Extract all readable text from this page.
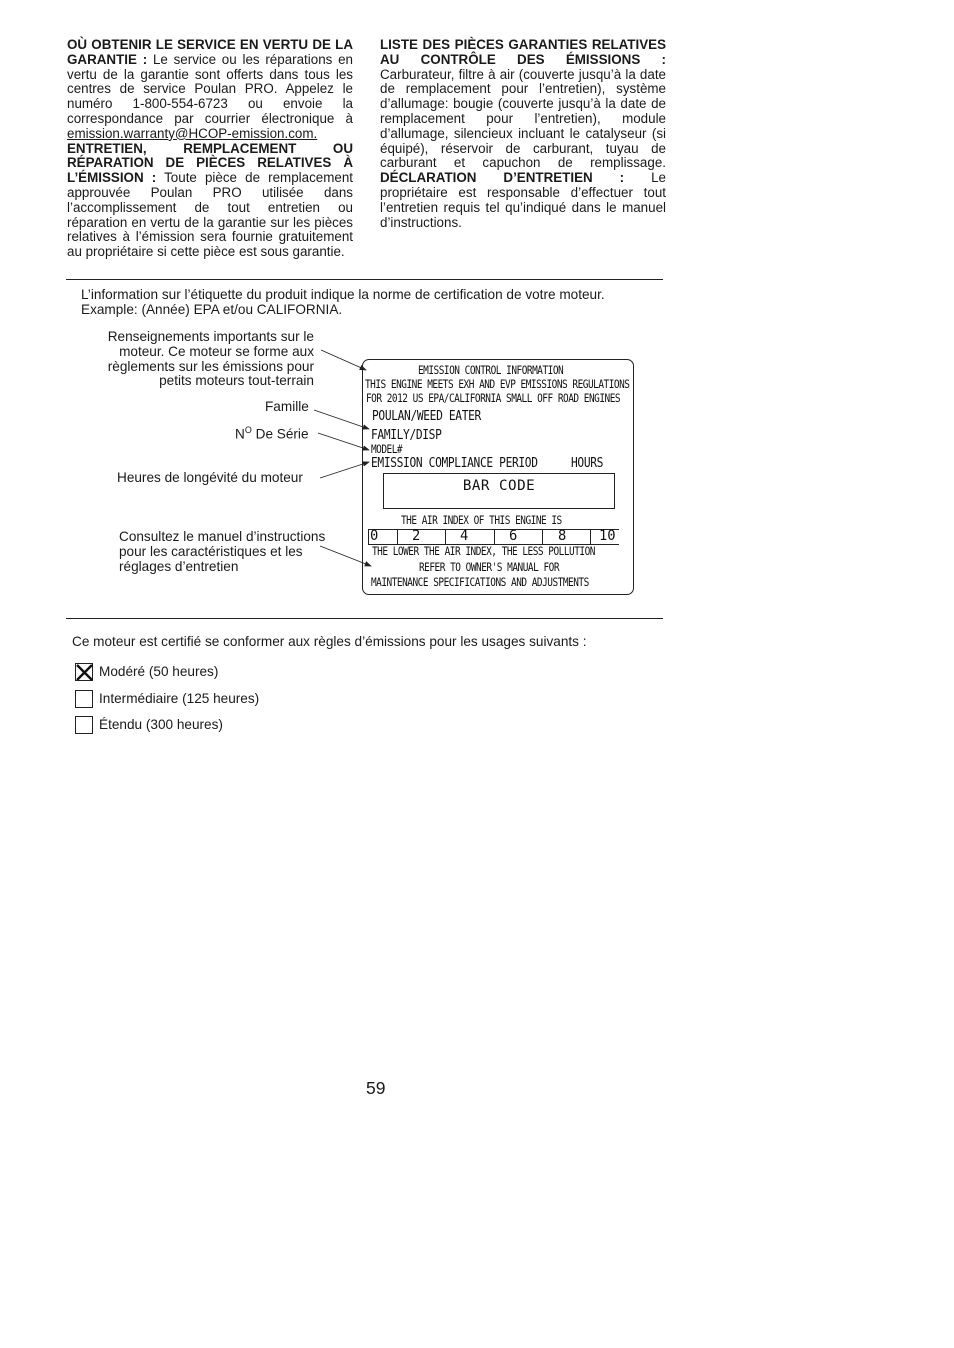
OÙ OBTENIR LE SERVICE EN VERTU DE LA GARANTIE : Le service ou les réparations en vertu de la garantie sont offerts dans tous les centres de service Poulan PRO. Appelez le numéro 1-800-554-6723 ou envoie la correspondance par courrier électronique à emission.warranty@HCOP-emission.com.

ENTRETIEN, REMPLACEMENT OU RÉPARATION DE PIÈCES RELATIVES À L’ÉMISSION : Toute pièce de remplacement approuvée Poulan PRO utilisée dans l’accomplissement de tout entretien ou réparation en vertu de la garantie sur les pièces relatives à l’émission sera fournie gratuitement au propriétaire si cette pièce est sous garantie.

LISTE DES PIÈCES GARANTIES RELATIVES AU CONTRÔLE DES ÉMISSIONS : Carburateur, filtre à air (couverte jusqu’à la date de remplacement pour l’entretien), système d’allumage: bougie (couverte jusqu’à la date de remplacement pour l’entretien), module d’allumage, silencieux incluant le catalyseur (si équipé), réservoir de carburant, tuyau de carburant et capuchon de remplissage. DÉCLARATION D’ENTRETIEN : Le propriétaire est responsable d’effectuer tout l’entretien requis tel qu’indiqué dans le manuel d’instructions.

L’information sur l’étiquette du produit indique la norme de certification de votre moteur.
Example: (Année) EPA et/ou CALIFORNIA.
Renseignements importants sur le
moteur. Ce moteur se forme aux
règlements sur les émissions pour
petits moteurs tout-terrain
Famille
$N^O$ De Série
Heures de longévité du moteur
Consultez le manuel d’instructions
pour les caractéristiques et les
réglages d’entretien
EMISSION CONTROL INFORMATION
THIS ENGINE MEETS EXH AND EVP EMISSIONS REGULATIONS
FOR 2012 US EPA/CALIFORNIA SMALL OFF ROAD ENGINES
POULAN/WEED EATER
FAMILY/DISP
MODEL#
EMISSION COMPLIANCE PERIOD	HOURS
BAR CODE
THE AIR INDEX OF THIS ENGINE IS
0 2	4	6	8 10
THE LOWER THE AIR INDEX, THE LESS POLLUTION
REFER TO OWNER'S MANUAL FOR
MAINTENANCE SPECIFICATIONS AND ADJUSTMENTS
Ce moteur est certifié se conformer aux règles d’émissions pour les usages suivants :
Modéré (50 heures)
Intermédiaire (125 heures)
Étendu (300 heures)
59
